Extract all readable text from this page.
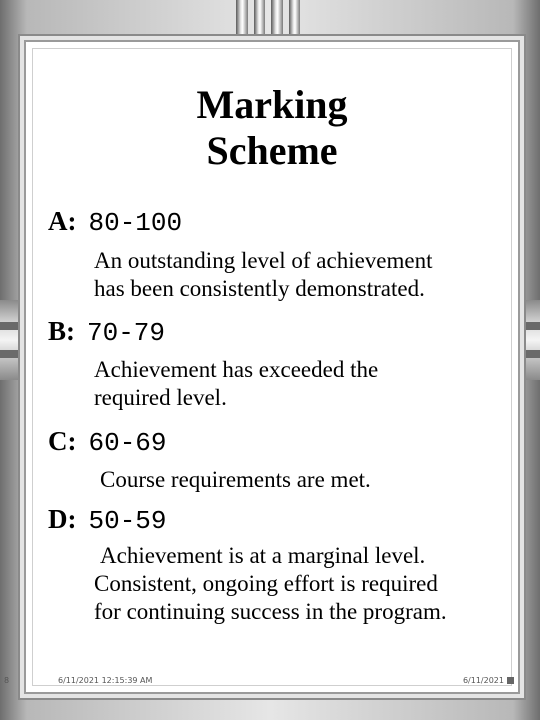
Marking
Scheme
A: 80-100
An outstanding level of achievement
has been consistently demonstrated.
B: 70-79
Achievement has exceeded the
required level.
C: 60-69
Course requirements are met.
D: 50-59
Achievement is at a marginal level.
Consistent, ongoing effort is required
for continuing success in the program.
8	6/11/2021 12:15:39 AM	6/11/2021
